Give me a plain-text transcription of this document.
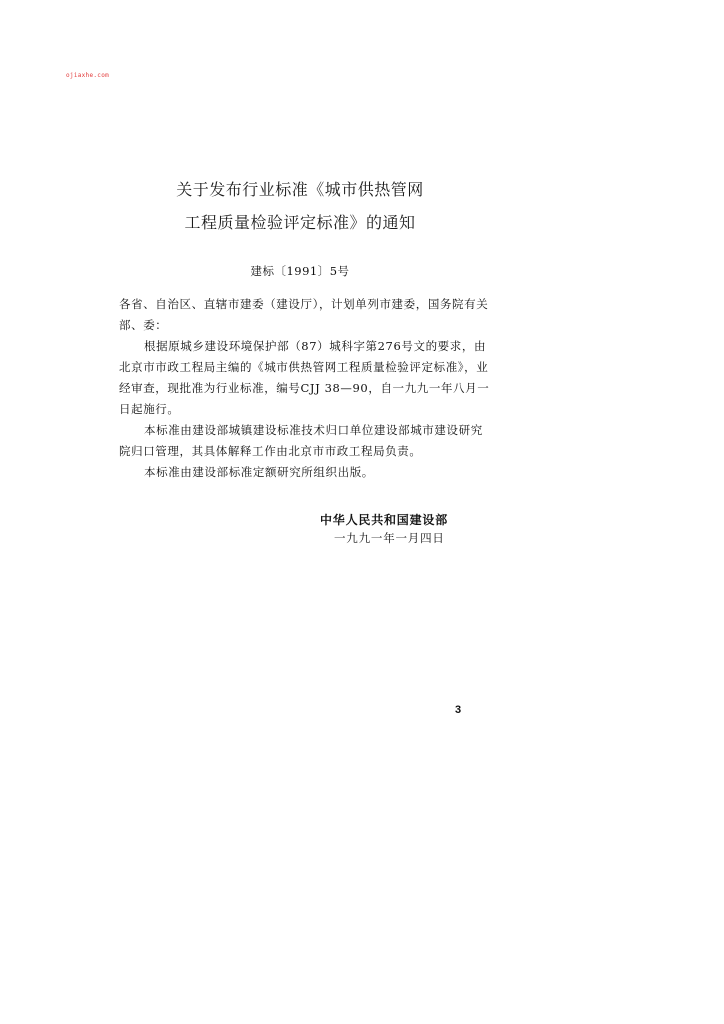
ojiaxhe.com
关于发布行业标准《城市供热管网
工程质量检验评定标准》的通知
建标〔1991〕5号

各省、自治区、直辖市建委（建设厅），计划单列市建委，国务院有关部、委：

根据原城乡建设环境保护部（87）城科字第276号文的要求，由北京市市政工程局主编的《城市供热管网工程质量检验评定标准》，业经审查，现批准为行业标准，编号CJJ 38—90，自一九九一年八月一日起施行。

本标准由建设部城镇建设标准技术归口单位建设部城市建设研究院归口管理，其具体解释工作由北京市市政工程局负责。

本标准由建设部标准定额研究所组织出版。

中华人民共和国建设部
一九九一年一月四日
3
